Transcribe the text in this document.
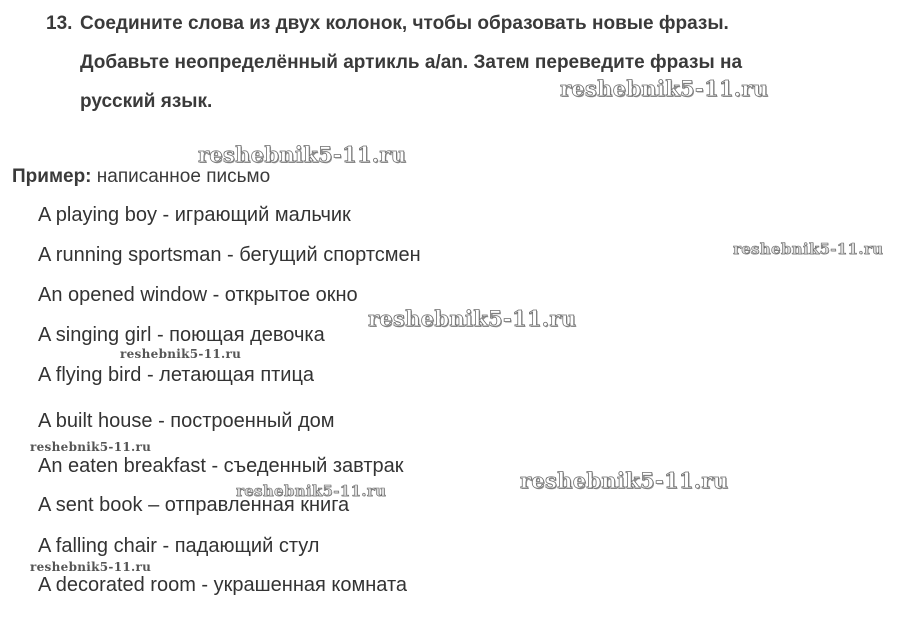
13. Соедините слова из двух колонок, чтобы образовать новые фразы.
Добавьте неопределённый артикль a/an. Затем переведите фразы на
русский язык.
Пример: написанное письмо
A playing boy - играющий мальчик
A running sportsman - бегущий спортсмен
An opened window - открытое окно
A singing girl - поющая девочка
A flying bird - летающая птица
A built house - построенный дом
An eaten breakfast - съеденный завтрак
A sent book – отправленная книга
A falling chair - падающий стул
A decorated room - украшенная комната
reshebnik5-11.ru
reshebnik5-11.ru
reshebnik5-11.ru
reshebnik5-11.ru
reshebnik5-11.ru
reshebnik5-11.ru
reshebnik5-11.ru
reshebnik5-11.ru
reshebnik5-11.ru
